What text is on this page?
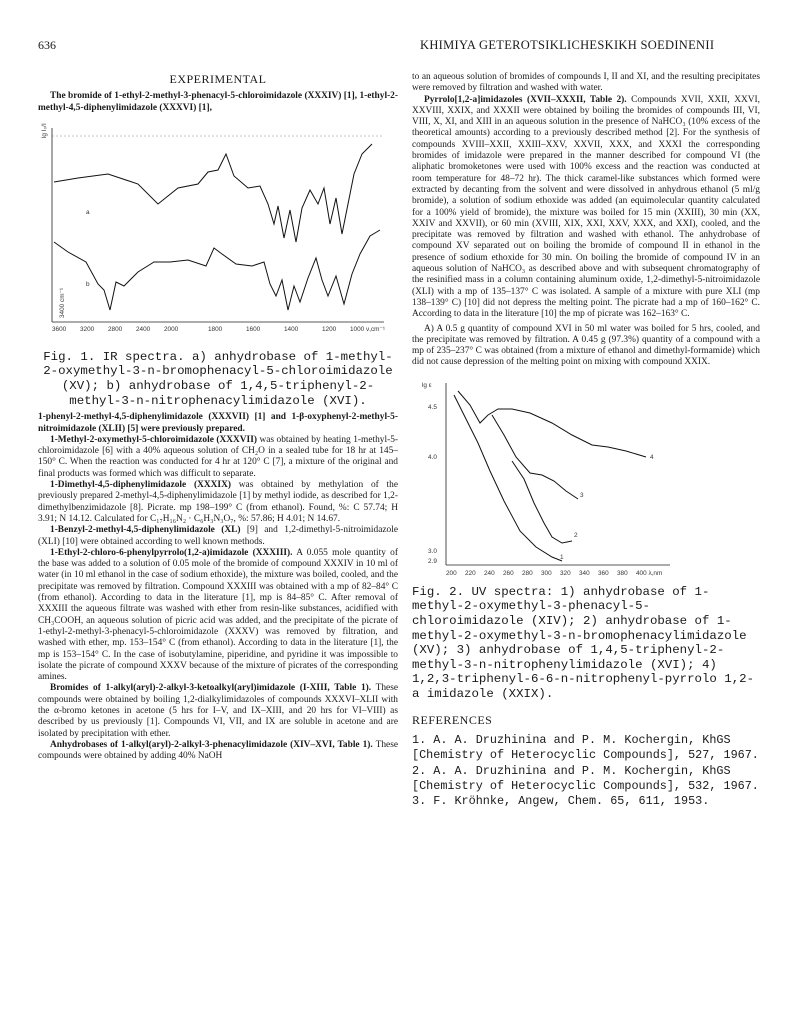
636	KHIMIYA GETEROTSIKLICHESKIKH SOEDINENII
EXPERIMENTAL

The bromide of 1-ethyl-2-methyl-3-phenacyl-5-chloroimidazole (XXXIV) [1], 1-ethyl-2-methyl-4,5-diphenylimidazole (XXXVI) [1],

lg I₀/I
a
b
3400 cm⁻¹
3600 3200 2800 2400 2000	1800	1600	1400	1200 1000 ν,cm⁻¹

Fig. 1. IR spectra. a) anhydrobase of 1-methyl-2-oxymethyl-3-n-bromophenacyl-5-chloroimidazole (XV); b) anhydrobase of 1,4,5-triphenyl-2-methyl-3-n-nitrophenacylimidazole (XVI).

1-phenyl-2-methyl-4,5-diphenylimidazole (XXXVII) [1] and 1-β-oxyphenyl-2-methyl-5-nitroimidazole (XLII) [5] were previously prepared.

1-Methyl-2-oxymethyl-5-chloroimidazole (XXXVII) was obtained by heating 1-methyl-5-chloroimidazole [6] with a 40% aqueous solution of CH₂O in a sealed tube for 18 hr at 145–150° C. When the reaction was conducted for 4 hr at 120° C [7], a mixture of the original and final products was formed which was difficult to separate.

1-Dimethyl-4,5-diphenylimidazole (XXXIX) was obtained by methylation of the previously prepared 2-methyl-4,5-diphenylimidazole [1] by methyl iodide, as described for 1,2-dimethylbenzimidazole [8]. Picrate. mp 198–199° C (from ethanol). Found, %: C 57.74; H 3.91; N 14.12. Calculated for C₁₇H₁₆N₂ · C₆H₃N₃O₇, %: 57.86; H 4.01; N 14.67.

1-Benzyl-2-methyl-4,5-diphenylimidazole (XL) [9] and 1,2-dimethyl-5-nitroimidazole (XLI) [10] were obtained according to well known methods.

1-Ethyl-2-chloro-6-phenylpyrrolo(1,2-a)imidazole (XXXIII). A 0.055 mole quantity of the base was added to a solution of 0.05 mole of the bromide of compound XXXIV in 10 ml of water (in 10 ml ethanol in the case of sodium ethoxide), the mixture was boiled, cooled, and the precipitate was removed by filtration. Compound XXXIII was obtained with a mp of 82–84° C (from ethanol). According to data in the literature [1], mp is 84–85° C. After removal of XXXIII the aqueous filtrate was washed with ether from resin-like substances, acidified with CH₃COOH, an aqueous solution of picric acid was added, and the precipitate of the picrate of 1-ethyl-2-methyl-3-phenacyl-5-chloroimidazole (XXXV) was removed by filtration, and washed with ether, mp. 153–154° C (from ethanol). According to data in the literature [1], the mp is 153–154° C. In the case of isobutylamine, piperidine, and pyridine it was impossible to isolate the picrate of compound XXXV because of the mixture of picrates of the corresponding amines.

Bromides of 1-alkyl(aryl)-2-alkyl-3-ketoalkyl(aryl)imidazole (I-XIII, Table 1). These compounds were obtained by boiling 1,2-dialkylimidazoles of compounds XXXVI–XLII with the α-bromo ketones in acetone (5 hrs for I–V, and IX–XIII, and 20 hrs for VI–VIII) as described by us previously [1]. Compounds VI, VII, and IX are soluble in acetone and are isolated by precipitation with ether.

Anhydrobases of 1-alkyl(aryl)-2-alkyl-3-phenacylimidazole (XIV–XVI, Table 1). These compounds were obtained by adding 40% NaOH

to an aqueous solution of bromides of compounds I, II and XI, and the resulting precipitates were removed by filtration and washed with water.

Pyrrolo[1,2-a]imidazoles (XVII–XXXII, Table 2). Compounds XVII, XXII, XXVI, XXVIII, XXIX, and XXXII were obtained by boiling the bromides of compounds III, VI, VIII, X, XI, and XIII in an aqueous solution in the presence of NaHCO₃ (10% excess of the theoretical amounts) according to a previously described method [2]. For the synthesis of compounds XVIII–XXII, XXIII–XXV, XXVII, XXX, and XXXI the corresponding bromides of imidazole were prepared in the manner described for compound VI (the aliphatic bromoketones were used with 100% excess and the reaction was conducted at room temperature for 48–72 hr). The thick caramel-like substances which formed were extracted by decanting from the solvent and were dissolved in anhydrous ethanol (5 ml/g bromide), a solution of sodium ethoxide was added (an equimolecular quantity calculated for a 100% yield of bromide), the mixture was boiled for 15 min (XXIII), 30 min (XX, XXIV and XXVII), or 60 min (XVIII, XIX, XXI, XXV, XXX, and XXI), cooled, and the precipitate was removed by filtration and washed with ethanol. The anhydrobase of compound XV separated out on boiling the bromide of compound II in ethanol in the presence of sodium ethoxide for 30 min. On boiling the bromide of compound IV in an aqueous solution of NaHCO₃ as described above and with subsequent chromatography of the resinified mass in a column containing aluminum oxide, 1,2-dimethyl-5-nitroimidazole (XLI) with a mp of 135–137° C was isolated. A sample of a mixture with pure XLI (mp 138–139° C) [10] did not depress the melting point. The picrate had a mp of 160–162° C. According to data in the literature [10] the mp of picrate was 162–163° C.

A) A 0.5 g quantity of compound XVI in 50 ml water was boiled for 5 hrs, cooled, and the precipitate was removed by filtration. A 0.45 g (97.3%) quantity of a compound with a mp of 235–237° C was obtained (from a mixture of ethanol and dimethyl-formamide) which did not cause depression of the melting point on mixing with compound XXIX.

lg ε
4.5
4.0
3.0
2.9
4
3
2
1
200 220 240 260 280 300 320 340 360 380 400 λ,nm

Fig. 2. UV spectra: 1) anhydrobase of 1-methyl-2-oxymethyl-3-phenacyl-5-chloroimidazole (XIV); 2) anhydrobase of 1-methyl-2-oxymethyl-3-n-bromophenacylimidazole (XV); 3) anhydrobase of 1,4,5-triphenyl-2-methyl-3-n-nitrophenylimidazole (XVI); 4) 1,2,3-triphenyl-6-6-n-nitrophenyl-pyrrolo 1,2-a imidazole (XXIX).

REFERENCES

1. A. A. Druzhinina and P. M. Kochergin, KhGS [Chemistry of Heterocyclic Compounds], 527, 1967.

2. A. A. Druzhinina and P. M. Kochergin, KhGS [Chemistry of Heterocyclic Compounds], 532, 1967.

3. F. Kröhnke, Angew, Chem. 65, 611, 1953.
